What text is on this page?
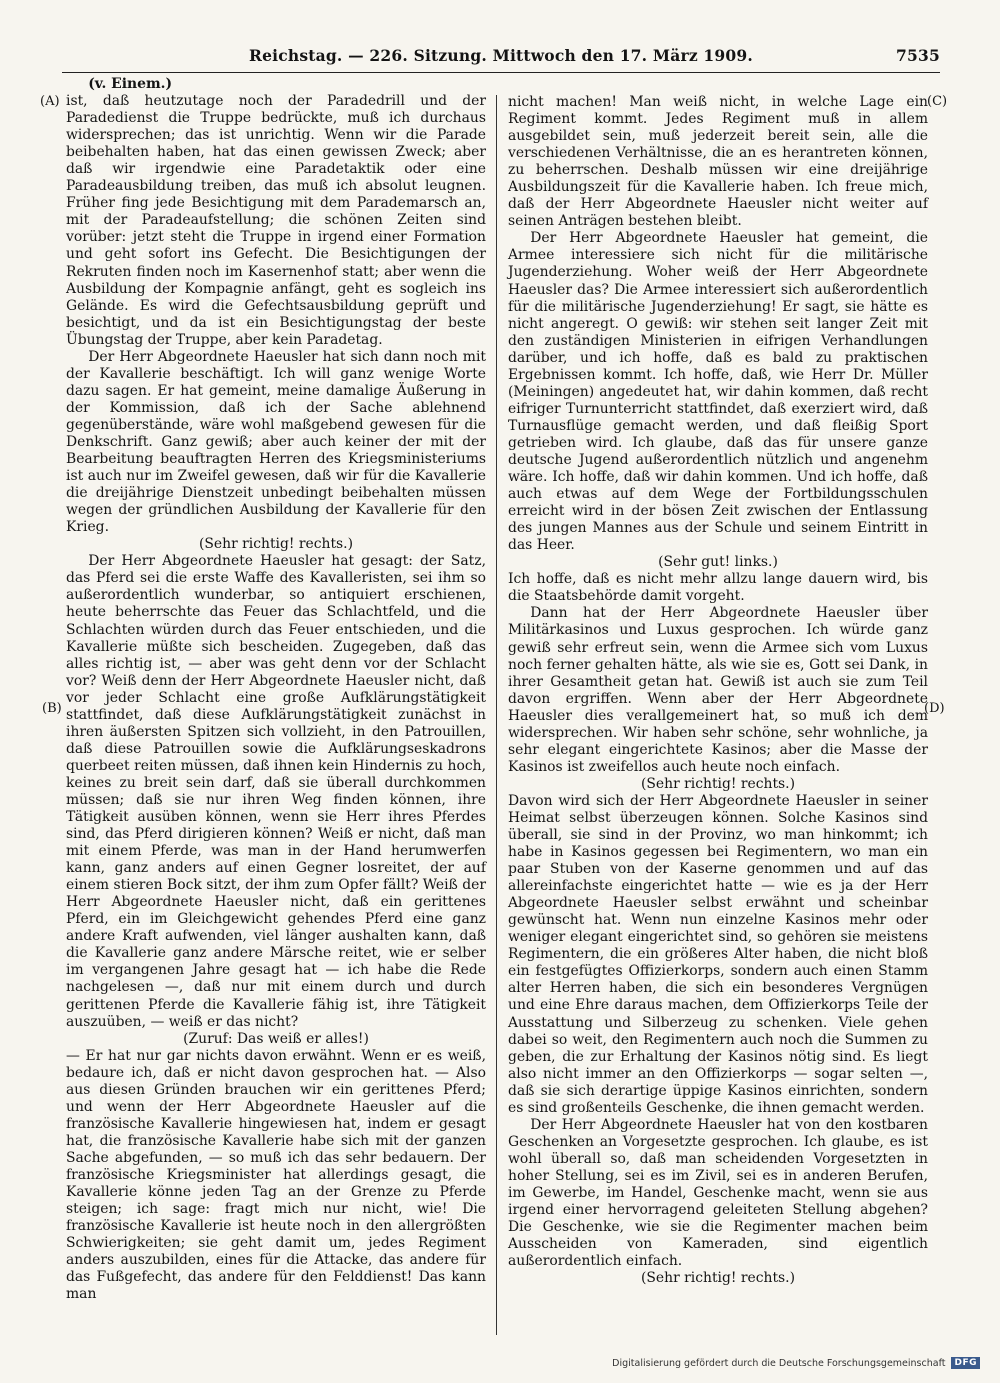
Reichstag. — 226. Sitzung. Mittwoch den 17. März 1909.	7535
(A)
(B)
(C)
(D)

(v. Einem.)

ist, daß heutzutage noch der Paradedrill und der Paradedienst die Truppe bedrückte, muß ich durchaus widersprechen; das ist unrichtig. Wenn wir die Parade beibehalten haben, hat das einen gewissen Zweck; aber daß wir irgendwie eine Paradetaktik oder eine Paradeausbildung treiben, das muß ich absolut leugnen. Früher fing jede Besichtigung mit dem Parademarsch an, mit der Paradeaufstellung; die schönen Zeiten sind vorüber: jetzt steht die Truppe in irgend einer Formation und geht sofort ins Gefecht. Die Besichtigungen der Rekruten finden noch im Kasernenhof statt; aber wenn die Ausbildung der Kompagnie anfängt, geht es sogleich ins Gelände. Es wird die Gefechtsausbildung geprüft und besichtigt, und da ist ein Besichtigungstag der beste Übungstag der Truppe, aber kein Paradetag.

Der Herr Abgeordnete Haeusler hat sich dann noch mit der Kavallerie beschäftigt. Ich will ganz wenige Worte dazu sagen. Er hat gemeint, meine damalige Äußerung in der Kommission, daß ich der Sache ablehnend gegenüberstände, wäre wohl maßgebend gewesen für die Denkschrift. Ganz gewiß; aber auch keiner der mit der Bearbeitung beauftragten Herren des Kriegsministeriums ist auch nur im Zweifel gewesen, daß wir für die Kavallerie die dreijährige Dienstzeit unbedingt beibehalten müssen wegen der gründlichen Ausbildung der Kavallerie für den Krieg.

(Sehr richtig! rechts.)

Der Herr Abgeordnete Haeusler hat gesagt: der Satz, das Pferd sei die erste Waffe des Kavalleristen, sei ihm so außerordentlich wunderbar, so antiquiert erschienen, heute beherrschte das Feuer das Schlachtfeld, und die Schlachten würden durch das Feuer entschieden, und die Kavallerie müßte sich bescheiden. Zugegeben, daß das alles richtig ist, — aber was geht denn vor der Schlacht vor? Weiß denn der Herr Abgeordnete Haeusler nicht, daß vor jeder Schlacht eine große Aufklärungstätigkeit stattfindet, daß diese Aufklärungstätigkeit zunächst in ihren äußersten Spitzen sich vollzieht, in den Patrouillen, daß diese Patrouillen sowie die Aufklärungseskadrons querbeet reiten müssen, daß ihnen kein Hindernis zu hoch, keines zu breit sein darf, daß sie überall durchkommen müssen; daß sie nur ihren Weg finden können, ihre Tätigkeit ausüben können, wenn sie Herr ihres Pferdes sind, das Pferd dirigieren können? Weiß er nicht, daß man mit einem Pferde, was man in der Hand herumwerfen kann, ganz anders auf einen Gegner losreitet, der auf einem stieren Bock sitzt, der ihm zum Opfer fällt? Weiß der Herr Abgeordnete Haeusler nicht, daß ein gerittenes Pferd, ein im Gleichgewicht gehendes Pferd eine ganz andere Kraft aufwenden, viel länger aushalten kann, daß die Kavallerie ganz andere Märsche reitet, wie er selber im vergangenen Jahre gesagt hat — ich habe die Rede nachgelesen —, daß nur mit einem durch und durch gerittenen Pferde die Kavallerie fähig ist, ihre Tätigkeit auszuüben, — weiß er das nicht?

(Zuruf: Das weiß er alles!)

— Er hat nur gar nichts davon erwähnt. Wenn er es weiß, bedaure ich, daß er nicht davon gesprochen hat. — Also aus diesen Gründen brauchen wir ein gerittenes Pferd; und wenn der Herr Abgeordnete Haeusler auf die französische Kavallerie hingewiesen hat, indem er gesagt hat, die französische Kavallerie habe sich mit der ganzen Sache abgefunden, — so muß ich das sehr bedauern. Der französische Kriegsminister hat allerdings gesagt, die Kavallerie könne jeden Tag an der Grenze zu Pferde steigen; ich sage: fragt mich nur nicht, wie! Die französische Kavallerie ist heute noch in den allergrößten Schwierigkeiten; sie geht damit um, jedes Regiment anders auszubilden, eines für die Attacke, das andere für das Fußgefecht, das andere für den Felddienst! Das kann man

nicht machen! Man weiß nicht, in welche Lage ein Regiment kommt. Jedes Regiment muß in allem ausgebildet sein, muß jederzeit bereit sein, alle die verschiedenen Verhältnisse, die an es herantreten können, zu beherrschen. Deshalb müssen wir eine dreijährige Ausbildungszeit für die Kavallerie haben. Ich freue mich, daß der Herr Abgeordnete Haeusler nicht weiter auf seinen Anträgen bestehen bleibt.

Der Herr Abgeordnete Haeusler hat gemeint, die Armee interessiere sich nicht für die militärische Jugenderziehung. Woher weiß der Herr Abgeordnete Haeusler das? Die Armee interessiert sich außerordentlich für die militärische Jugenderziehung! Er sagt, sie hätte es nicht angeregt. O gewiß: wir stehen seit langer Zeit mit den zuständigen Ministerien in eifrigen Verhandlungen darüber, und ich hoffe, daß es bald zu praktischen Ergebnissen kommt. Ich hoffe, daß, wie Herr Dr. Müller (Meiningen) angedeutet hat, wir dahin kommen, daß recht eifriger Turnunterricht stattfindet, daß exerziert wird, daß Turnausflüge gemacht werden, und daß fleißig Sport getrieben wird. Ich glaube, daß das für unsere ganze deutsche Jugend außerordentlich nützlich und angenehm wäre. Ich hoffe, daß wir dahin kommen. Und ich hoffe, daß auch etwas auf dem Wege der Fortbildungsschulen erreicht wird in der bösen Zeit zwischen der Entlassung des jungen Mannes aus der Schule und seinem Eintritt in das Heer.

(Sehr gut! links.)

Ich hoffe, daß es nicht mehr allzu lange dauern wird, bis die Staatsbehörde damit vorgeht.

Dann hat der Herr Abgeordnete Haeusler über Militärkasinos und Luxus gesprochen. Ich würde ganz gewiß sehr erfreut sein, wenn die Armee sich vom Luxus noch ferner gehalten hätte, als wie sie es, Gott sei Dank, in ihrer Gesamtheit getan hat. Gewiß ist auch sie zum Teil davon ergriffen. Wenn aber der Herr Abgeordnete Haeusler dies verallgemeinert hat, so muß ich dem widersprechen. Wir haben sehr schöne, sehr wohnliche, ja sehr elegant eingerichtete Kasinos; aber die Masse der Kasinos ist zweifellos auch heute noch einfach.

(Sehr richtig! rechts.)

Davon wird sich der Herr Abgeordnete Haeusler in seiner Heimat selbst überzeugen können. Solche Kasinos sind überall, sie sind in der Provinz, wo man hinkommt; ich habe in Kasinos gegessen bei Regimentern, wo man ein paar Stuben von der Kaserne genommen und auf das allereinfachste eingerichtet hatte — wie es ja der Herr Abgeordnete Haeusler selbst erwähnt und scheinbar gewünscht hat. Wenn nun einzelne Kasinos mehr oder weniger elegant eingerichtet sind, so gehören sie meistens Regimentern, die ein größeres Alter haben, die nicht bloß ein festgefügtes Offizierkorps, sondern auch einen Stamm alter Herren haben, die sich ein besonderes Vergnügen und eine Ehre daraus machen, dem Offizierkorps Teile der Ausstattung und Silberzeug zu schenken. Viele gehen dabei so weit, den Regimentern auch noch die Summen zu geben, die zur Erhaltung der Kasinos nötig sind. Es liegt also nicht immer an den Offizierkorps — sogar selten —, daß sie sich derartige üppige Kasinos einrichten, sondern es sind großenteils Geschenke, die ihnen gemacht werden.

Der Herr Abgeordnete Haeusler hat von den kostbaren Geschenken an Vorgesetzte gesprochen. Ich glaube, es ist wohl überall so, daß man scheidenden Vorgesetzten in hoher Stellung, sei es im Zivil, sei es in anderen Berufen, im Gewerbe, im Handel, Geschenke macht, wenn sie aus irgend einer hervorragend geleiteten Stellung abgehen? Die Geschenke, wie sie die Regimenter machen beim Ausscheiden von Kameraden, sind eigentlich außerordentlich einfach.

(Sehr richtig! rechts.)

Digitalisierung gefördert durch die Deutsche Forschungsgemeinschaft	DFG
